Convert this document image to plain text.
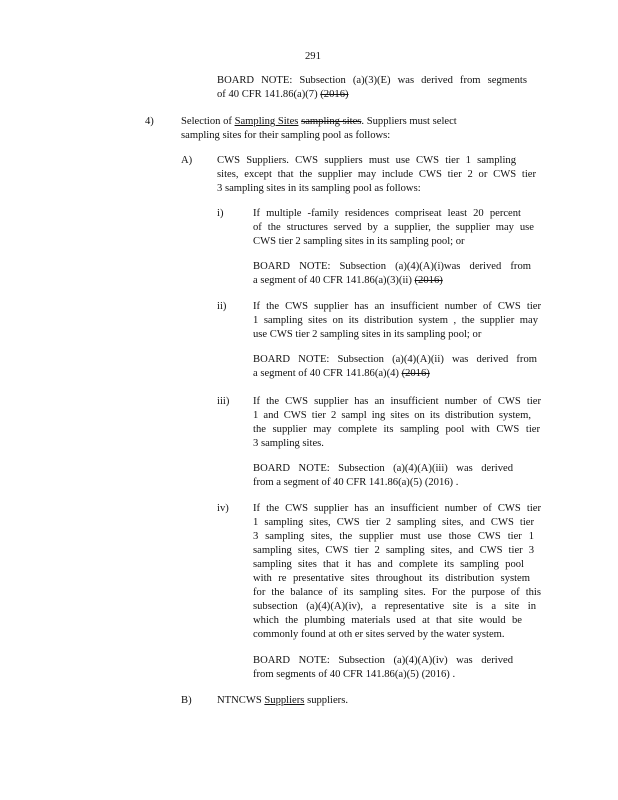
291
BOARD NOTE: Subsection (a)(3)(E) was derived from segments
of 40 CFR 141.86(a)(7) (2016)
4)	Selection of Sampling Sites sampling sites. Suppliers must select
sampling sites for their sampling pool as follows:
A) CWS Suppliers. CWS suppliers must use CWS tier 1 sampling
sites, except that the supplier may include CWS tier 2 or CWS tier
3 sampling sites in its sampling pool as follows:
i)	If multiple -family residences compriseat least 20 percent
of the structures served by a supplier, the supplier may use
CWS tier 2 sampling sites in its sampling pool; or
BOARD NOTE: Subsection (a)(4)(A)(i)was derived from
a segment of 40 CFR 141.86(a)(3)(ii) (2016)
ii)	If the CWS supplier has an insufficient number of CWS tier
1 sampling sites on its distribution system , the supplier may
use CWS tier 2 sampling sites in its sampling pool; or
BOARD NOTE: Subsection (a)(4)(A)(ii) was derived from
a segment of 40 CFR 141.86(a)(4) (2016)
iii) If the CWS supplier has an insufficient number of CWS tier
1 and CWS tier 2 sampl ing sites on its distribution system,
the supplier may complete its sampling pool with CWS tier
3 sampling sites.
BOARD NOTE: Subsection (a)(4)(A)(iii) was derived
from a segment of 40 CFR 141.86(a)(5) (2016) .
iv) If the CWS supplier has an insufficient number of CWS tier
1 sampling sites, CWS tier 2 sampling sites, and CWS tier
3 sampling sites, the supplier must use those CWS tier 1
sampling sites, CWS tier 2 sampling sites, and CWS tier 3
sampling sites that it has and complete its sampling pool
with re presentative sites throughout its distribution system
for the balance of its sampling sites. For the purpose of this
subsection (a)(4)(A)(iv), a representative site is a site in
which the plumbing materials used at that site would be
commonly found at oth er sites served by the water system.
BOARD NOTE: Subsection (a)(4)(A)(iv) was derived
from segments of 40 CFR 141.86(a)(5) (2016) .
B) NTNCWS Suppliers suppliers.
